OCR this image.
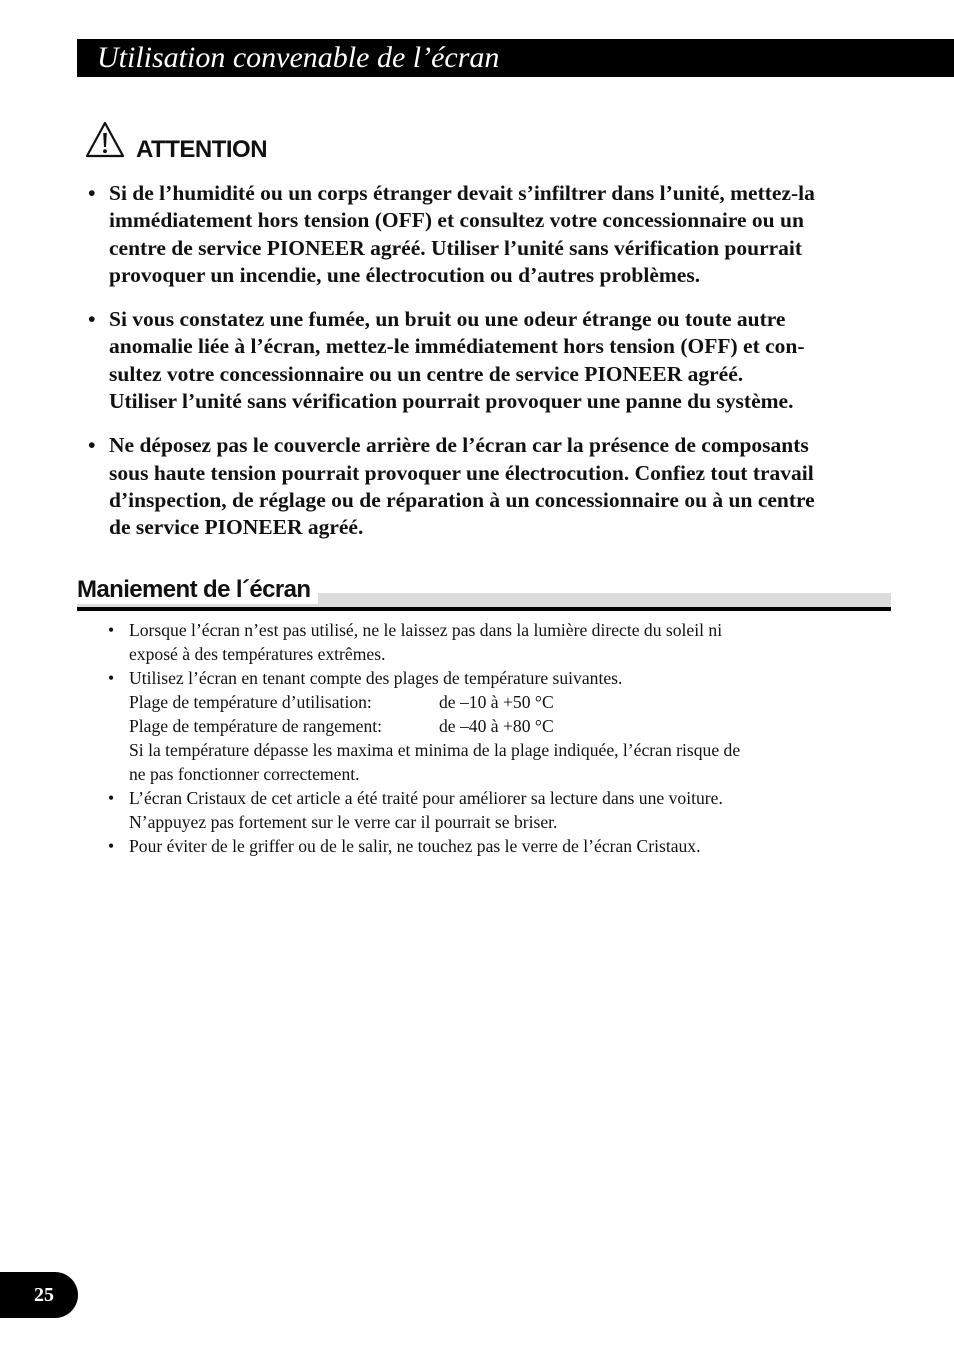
Utilisation convenable de l’écran
ATTENTION
• Si de l’humidité ou un corps étranger devait s’infiltrer dans l’unité, mettez-la
immédiatement hors tension (OFF) et consultez votre concessionnaire ou un
centre de service PIONEER agréé. Utiliser l’unité sans vérification pourrait
provoquer un incendie, une électrocution ou d’autres problèmes.
• Si vous constatez une fumée, un bruit ou une odeur étrange ou toute autre
anomalie liée à l’écran, mettez-le immédiatement hors tension (OFF) et con-
sultez votre concessionnaire ou un centre de service PIONEER agréé.
Utiliser l’unité sans vérification pourrait provoquer une panne du système.
• Ne déposez pas le couvercle arrière de l’écran car la présence de composants
sous haute tension pourrait provoquer une électrocution. Confiez tout travail
d’inspection, de réglage ou de réparation à un concessionnaire ou à un centre
de service PIONEER agréé.
Maniement de l´écran
• Lorsque l’écran n’est pas utilisé, ne le laissez pas dans la lumière directe du soleil ni
exposé à des températures extrêmes.
• Utilisez l’écran en tenant compte des plages de température suivantes.
Plage de température d’utilisation:	de –10 à +50 °C
Plage de température de rangement:	de –40 à +80 °C
Si la température dépasse les maxima et minima de la plage indiquée, l’écran risque de
ne pas fonctionner correctement.
• L’écran Cristaux de cet article a été traité pour améliorer sa lecture dans une voiture.
N’appuyez pas fortement sur le verre car il pourrait se briser.
• Pour éviter de le griffer ou de le salir, ne touchez pas le verre de l’écran Cristaux.
25
